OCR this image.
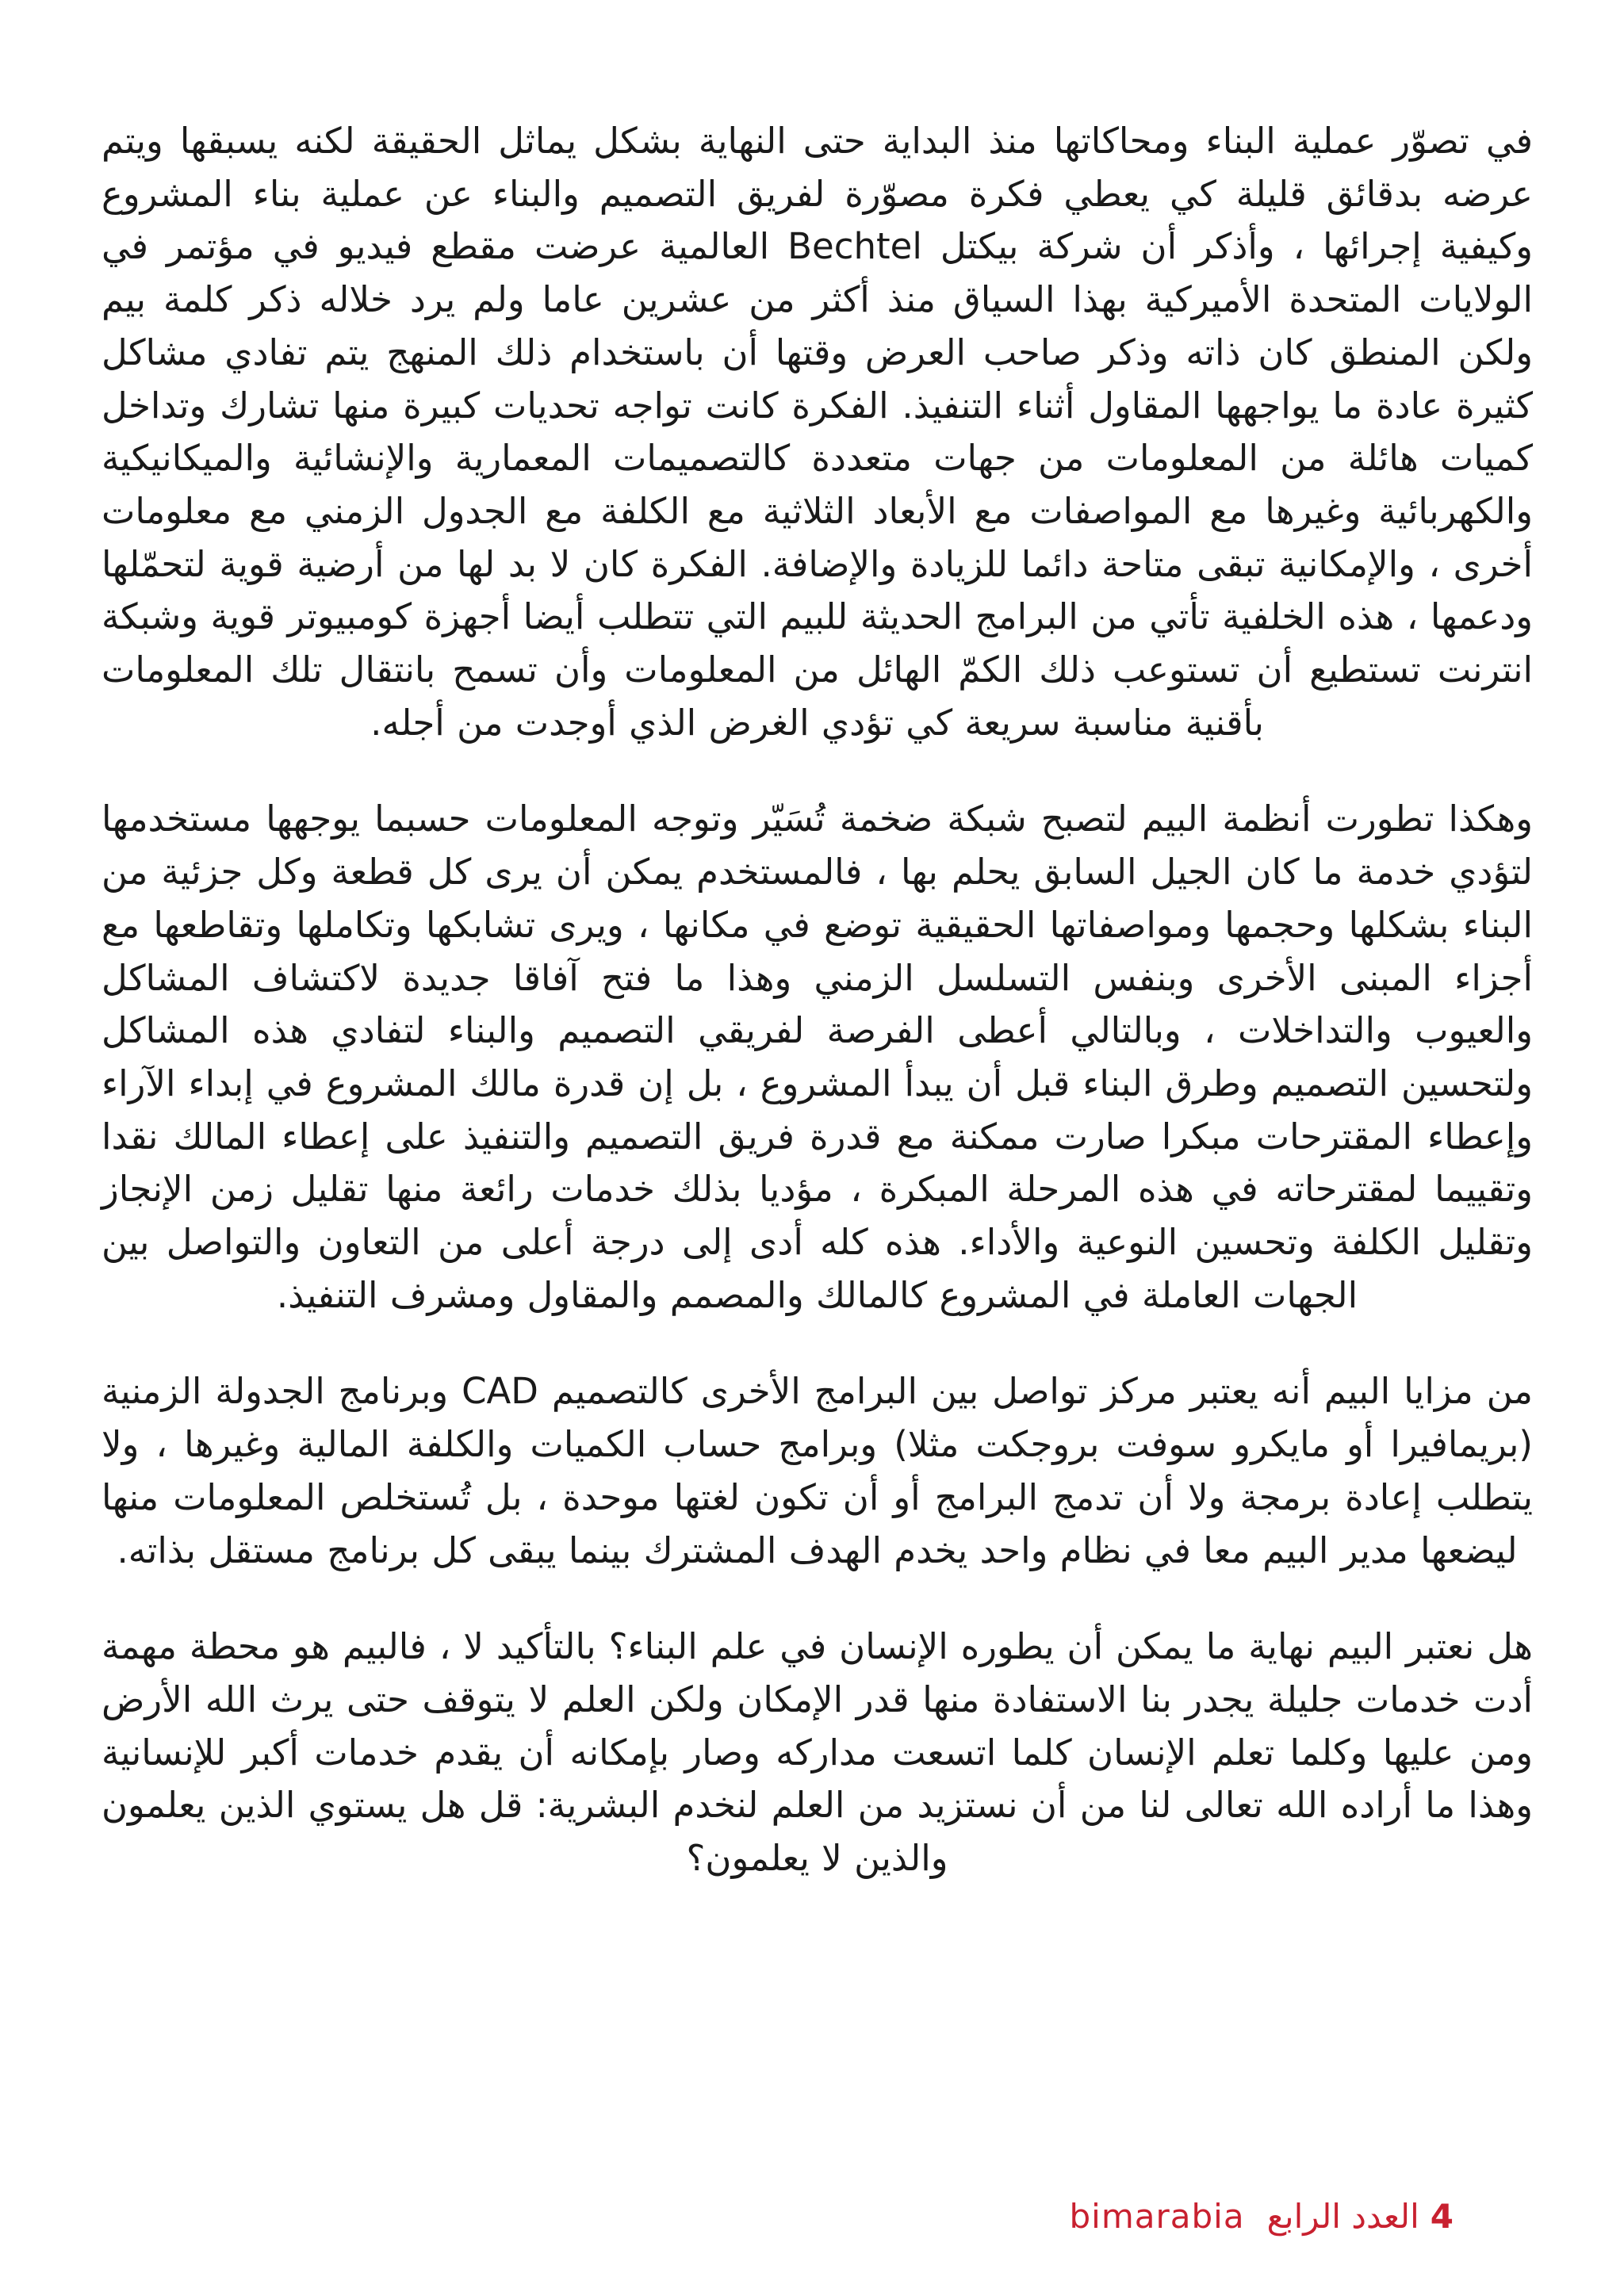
في تصوّر عملية البناء ومحاكاتها منذ البداية حتى النهاية بشكل يماثل الحقيقة لكنه يسبقها ويتم عرضه بدقائق قليلة كي يعطي فكرة مصوّرة لفريق التصميم والبناء عن عملية بناء المشروع وكيفية إجرائها ، وأذكر أن شركة بيكتل Bechtel العالمية عرضت مقطع فيديو في مؤتمر في الولايات المتحدة الأميركية بهذا السياق منذ أكثر من عشرين عاما ولم يرد خلاله ذكر كلمة بيم ولكن المنطق كان ذاته وذكر صاحب العرض وقتها أن باستخدام ذلك المنهج يتم تفادي مشاكل كثيرة عادة ما يواجهها المقاول أثناء التنفيذ. الفكرة كانت تواجه تحديات كبيرة منها تشارك وتداخل كميات هائلة من المعلومات من جهات متعددة كالتصميمات المعمارية والإنشائية والميكانيكية والكهربائية وغيرها مع المواصفات مع الأبعاد الثلاثية مع الكلفة مع الجدول الزمني مع معلومات أخرى ، والإمكانية تبقى متاحة دائما للزيادة والإضافة. الفكرة كان لا بد لها من أرضية قوية لتحمّلها ودعمها ، هذه الخلفية تأتي من البرامج الحديثة للبيم التي تتطلب أيضا أجهزة كومبيوتر قوية وشبكة انترنت تستطيع أن تستوعب ذلك الكمّ الهائل من المعلومات وأن تسمح بانتقال تلك المعلومات بأقنية مناسبة سريعة كي تؤدي الغرض الذي أوجدت من أجله.

وهكذا تطورت أنظمة البيم لتصبح شبكة ضخمة تُسَيّر وتوجه المعلومات حسبما يوجهها مستخدمها لتؤدي خدمة ما كان الجيل السابق يحلم بها ، فالمستخدم يمكن أن يرى كل قطعة وكل جزئية من البناء بشكلها وحجمها ومواصفاتها الحقيقية توضع في مكانها ، ويرى تشابكها وتكاملها وتقاطعها مع أجزاء المبنى الأخرى وبنفس التسلسل الزمني وهذا ما فتح آفاقا جديدة لاكتشاف المشاكل والعيوب والتداخلات ، وبالتالي أعطى الفرصة لفريقي التصميم والبناء لتفادي هذه المشاكل ولتحسين التصميم وطرق البناء قبل أن يبدأ المشروع ، بل إن قدرة مالك المشروع في إبداء الآراء وإعطاء المقترحات مبكرا صارت ممكنة مع قدرة فريق التصميم والتنفيذ على إعطاء المالك نقدا وتقييما لمقترحاته في هذه المرحلة المبكرة ، مؤديا بذلك خدمات رائعة منها تقليل زمن الإنجاز وتقليل الكلفة وتحسين النوعية والأداء. هذه كله أدى إلى درجة أعلى من التعاون والتواصل بين الجهات العاملة في المشروع كالمالك والمصمم والمقاول ومشرف التنفيذ.

من مزايا البيم أنه يعتبر مركز تواصل بين البرامج الأخرى كالتصميم CAD وبرنامج الجدولة الزمنية (بريمافيرا أو مايكرو سوفت بروجكت مثلا) وبرامج حساب الكميات والكلفة المالية وغيرها ، ولا يتطلب إعادة برمجة ولا أن تدمج البرامج أو أن تكون لغتها موحدة ، بل تُستخلص المعلومات منها ليضعها مدير البيم معا في نظام واحد يخدم الهدف المشترك بينما يبقى كل برنامج مستقل بذاته.

هل نعتبر البيم نهاية ما يمكن أن يطوره الإنسان في علم البناء؟ بالتأكيد لا ، فالبيم هو محطة مهمة أدت خدمات جليلة يجدر بنا الاستفادة منها قدر الإمكان ولكن العلم لا يتوقف حتى يرث الله الأرض ومن عليها وكلما تعلم الإنسان كلما اتسعت مداركه وصار بإمكانه أن يقدم خدمات أكبر للإنسانية وهذا ما أراده الله تعالى لنا من أن نستزيد من العلم لنخدم البشرية: قل هل يستوي الذين يعلمون والذين لا يعلمون؟

4
العدد الرابع
bimarabia
